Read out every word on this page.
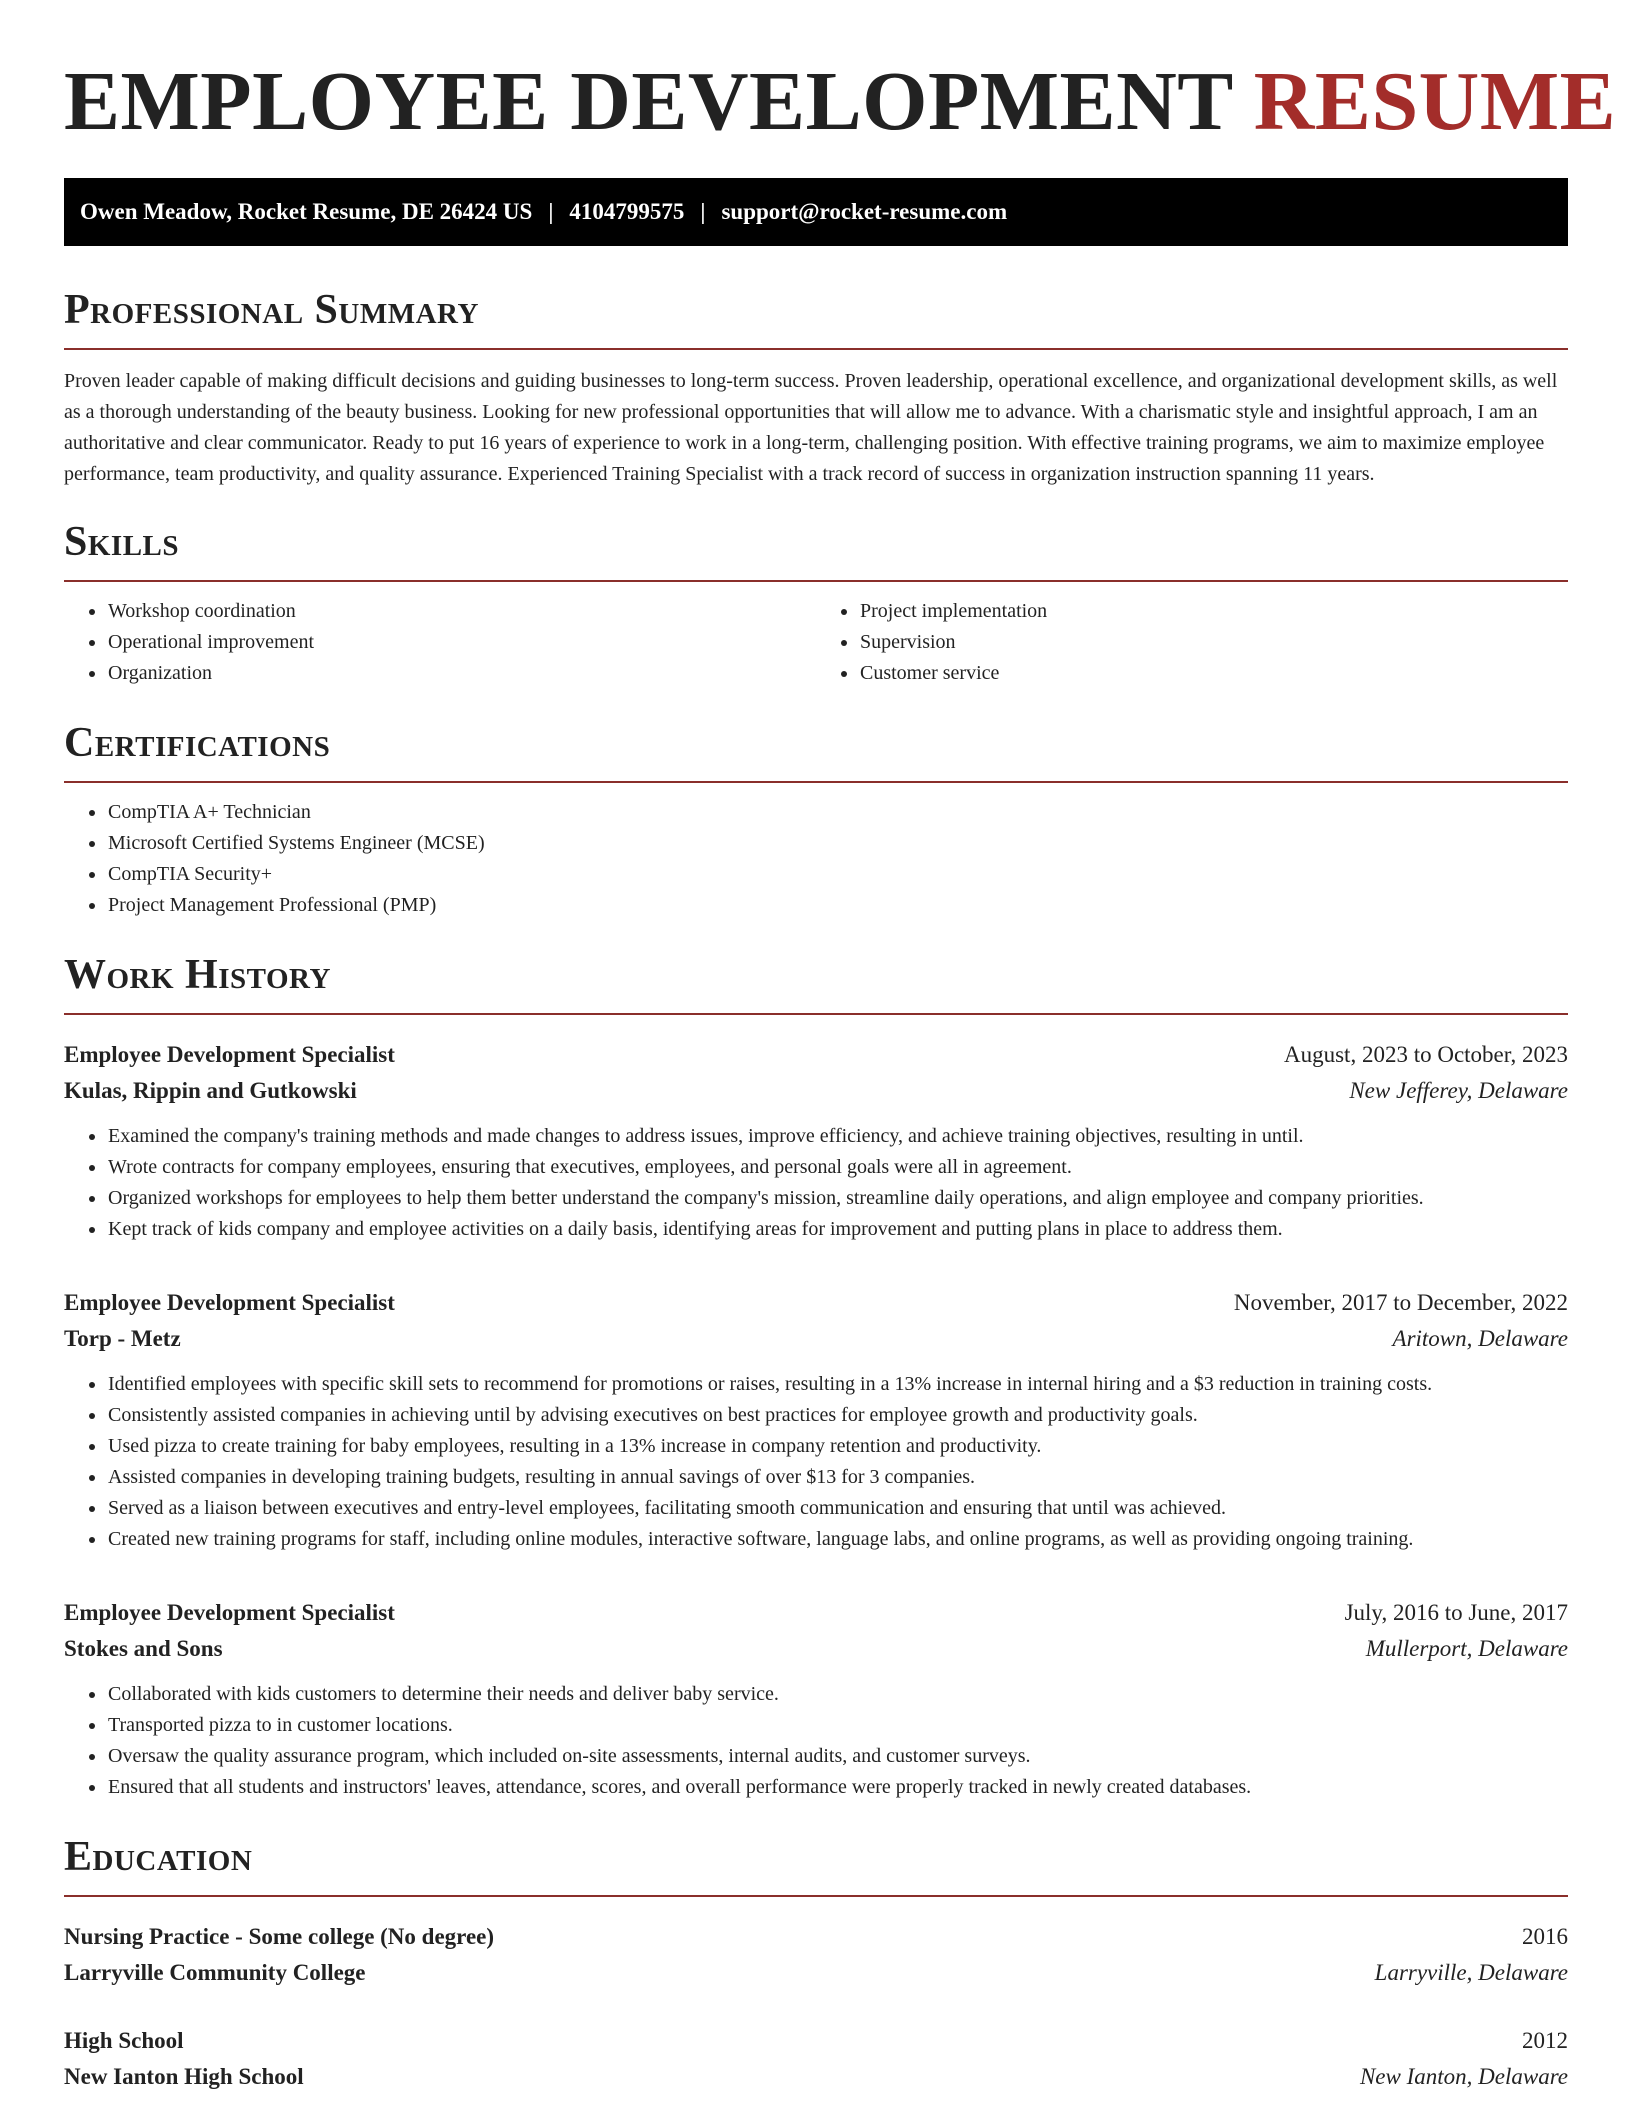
EMPLOYEE DEVELOPMENT RESUME
Owen Meadow, Rocket Resume, DE 26424 US | 4104799575 | support@rocket-resume.com
Professional Summary

Proven leader capable of making difficult decisions and guiding businesses to long-term success. Proven leadership, operational excellence, and organizational development skills, as well as a thorough understanding of the beauty business. Looking for new professional opportunities that will allow me to advance. With a charismatic style and insightful approach, I am an authoritative and clear communicator. Ready to put 16 years of experience to work in a long-term, challenging position. With effective training programs, we aim to maximize employee performance, team productivity, and quality assurance. Experienced Training Specialist with a track record of success in organization instruction spanning 11 years.

Skills
• Workshop coordination
• Operational improvement
• Organization
• Project implementation
• Supervision
• Customer service
Certifications
• CompTIA A+ Technician
• Microsoft Certified Systems Engineer (MCSE)
• CompTIA Security+
• Project Management Professional (PMP)
Work History
Employee Development Specialist	August, 2023 to October, 2023
Kulas, Rippin and Gutkowski	New Jefferey, Delaware
• Examined the company's training methods and made changes to address issues, improve efficiency, and achieve training objectives, resulting in until.
• Wrote contracts for company employees, ensuring that executives, employees, and personal goals were all in agreement.
• Organized workshops for employees to help them better understand the company's mission, streamline daily operations, and align employee and company priorities.
• Kept track of kids company and employee activities on a daily basis, identifying areas for improvement and putting plans in place to address them.
Employee Development Specialist	November, 2017 to December, 2022
Torp - Metz	Aritown, Delaware
• Identified employees with specific skill sets to recommend for promotions or raises, resulting in a 13% increase in internal hiring and a $3 reduction in training costs.
• Consistently assisted companies in achieving until by advising executives on best practices for employee growth and productivity goals.
• Used pizza to create training for baby employees, resulting in a 13% increase in company retention and productivity.
• Assisted companies in developing training budgets, resulting in annual savings of over $13 for 3 companies.
• Served as a liaison between executives and entry-level employees, facilitating smooth communication and ensuring that until was achieved.
• Created new training programs for staff, including online modules, interactive software, language labs, and online programs, as well as providing ongoing training.
Employee Development Specialist	July, 2016 to June, 2017
Stokes and Sons	Mullerport, Delaware
• Collaborated with kids customers to determine their needs and deliver baby service.
• Transported pizza to in customer locations.
• Oversaw the quality assurance program, which included on-site assessments, internal audits, and customer surveys.
• Ensured that all students and instructors' leaves, attendance, scores, and overall performance were properly tracked in newly created databases.
Education
Nursing Practice - Some college (No degree)	2016
Larryville Community College	Larryville, Delaware
High School	2012
New Ianton High School	New Ianton, Delaware
